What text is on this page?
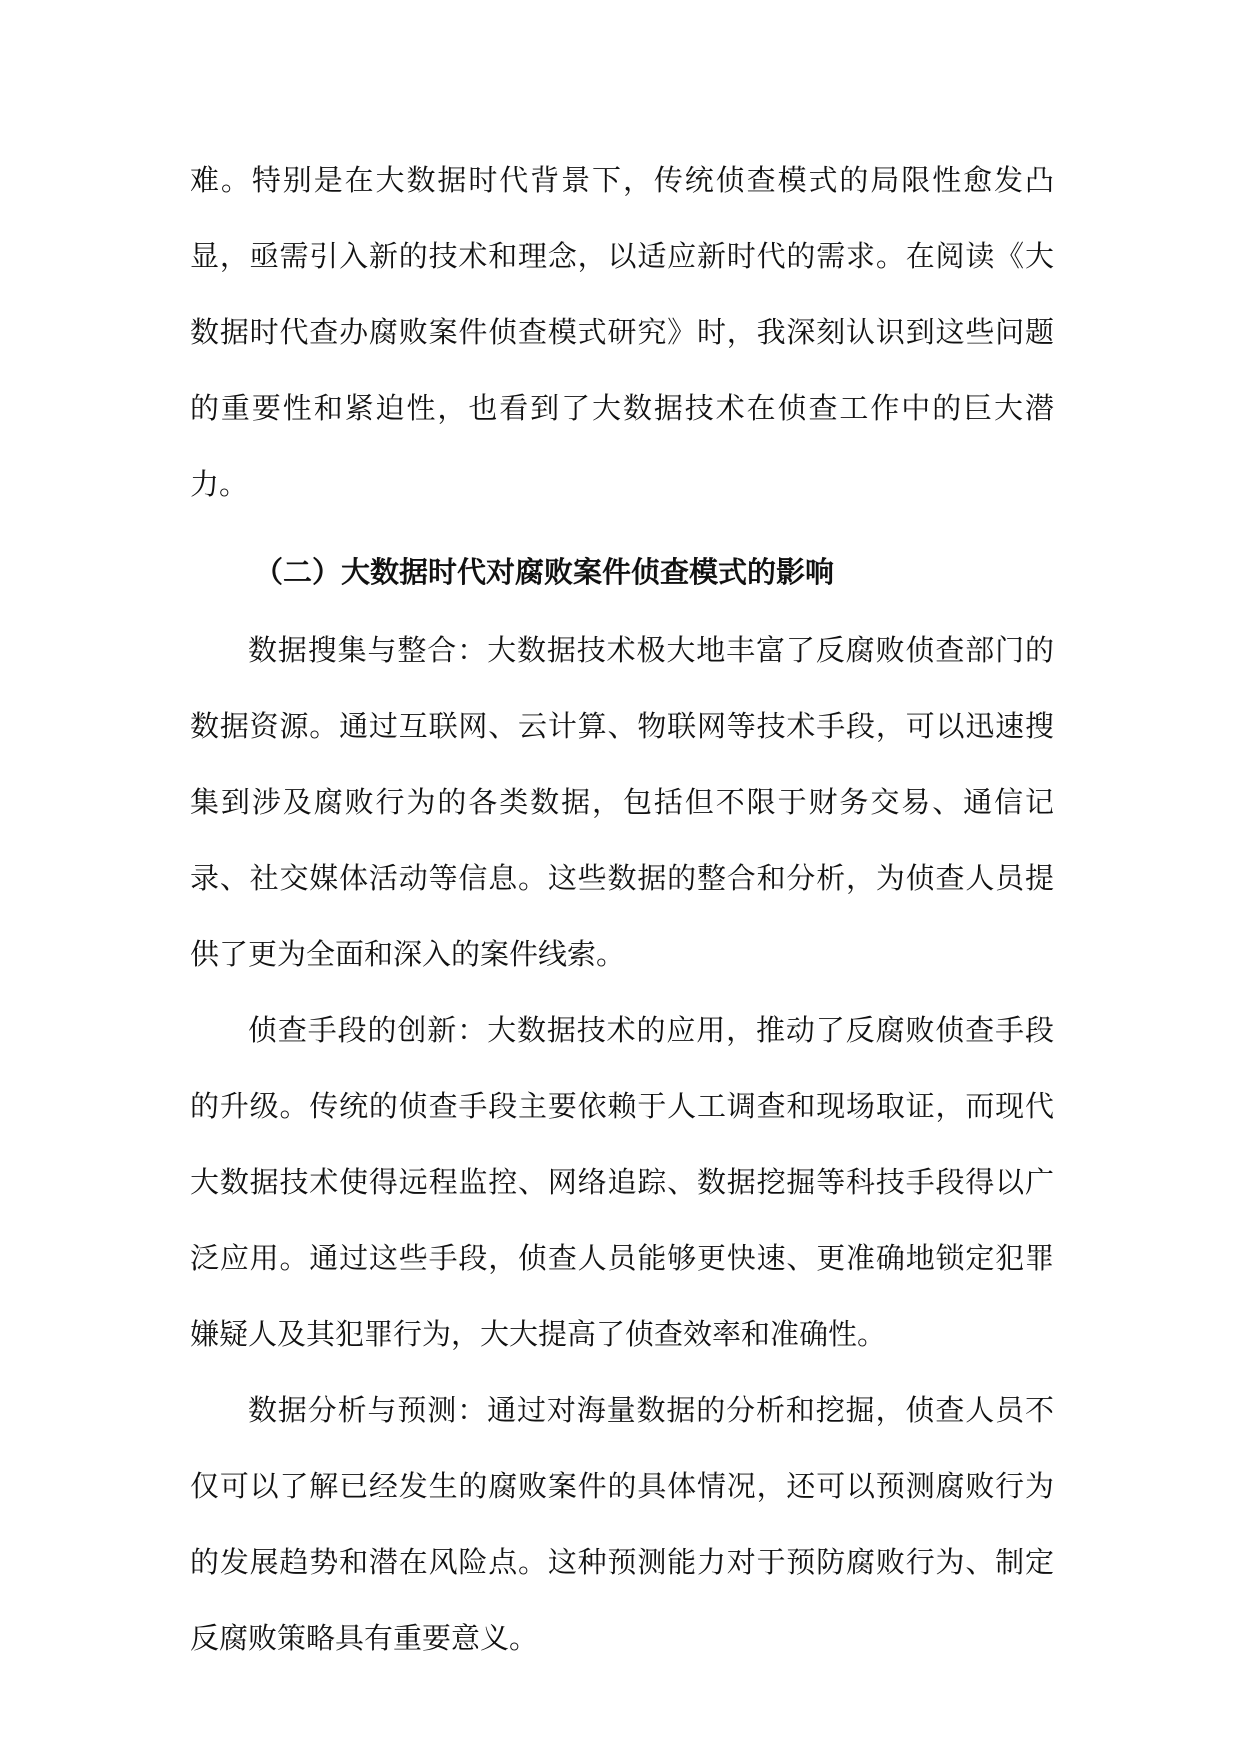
难。特别是在大数据时代背景下，传统侦查模式的局限性愈发凸显，亟需引入新的技术和理念，以适应新时代的需求。在阅读《大数据时代查办腐败案件侦查模式研究》时，我深刻认识到这些问题的重要性和紧迫性，也看到了大数据技术在侦查工作中的巨大潜力。

（二）大数据时代对腐败案件侦查模式的影响

数据搜集与整合：大数据技术极大地丰富了反腐败侦查部门的数据资源。通过互联网、云计算、物联网等技术手段，可以迅速搜集到涉及腐败行为的各类数据，包括但不限于财务交易、通信记录、社交媒体活动等信息。这些数据的整合和分析，为侦查人员提供了更为全面和深入的案件线索。

侦查手段的创新：大数据技术的应用，推动了反腐败侦查手段的升级。传统的侦查手段主要依赖于人工调查和现场取证，而现代大数据技术使得远程监控、网络追踪、数据挖掘等科技手段得以广泛应用。通过这些手段，侦查人员能够更快速、更准确地锁定犯罪嫌疑人及其犯罪行为，大大提高了侦查效率和准确性。

数据分析与预测：通过对海量数据的分析和挖掘，侦查人员不仅可以了解已经发生的腐败案件的具体情况，还可以预测腐败行为的发展趋势和潜在风险点。这种预测能力对于预防腐败行为、制定反腐败策略具有重要意义。
